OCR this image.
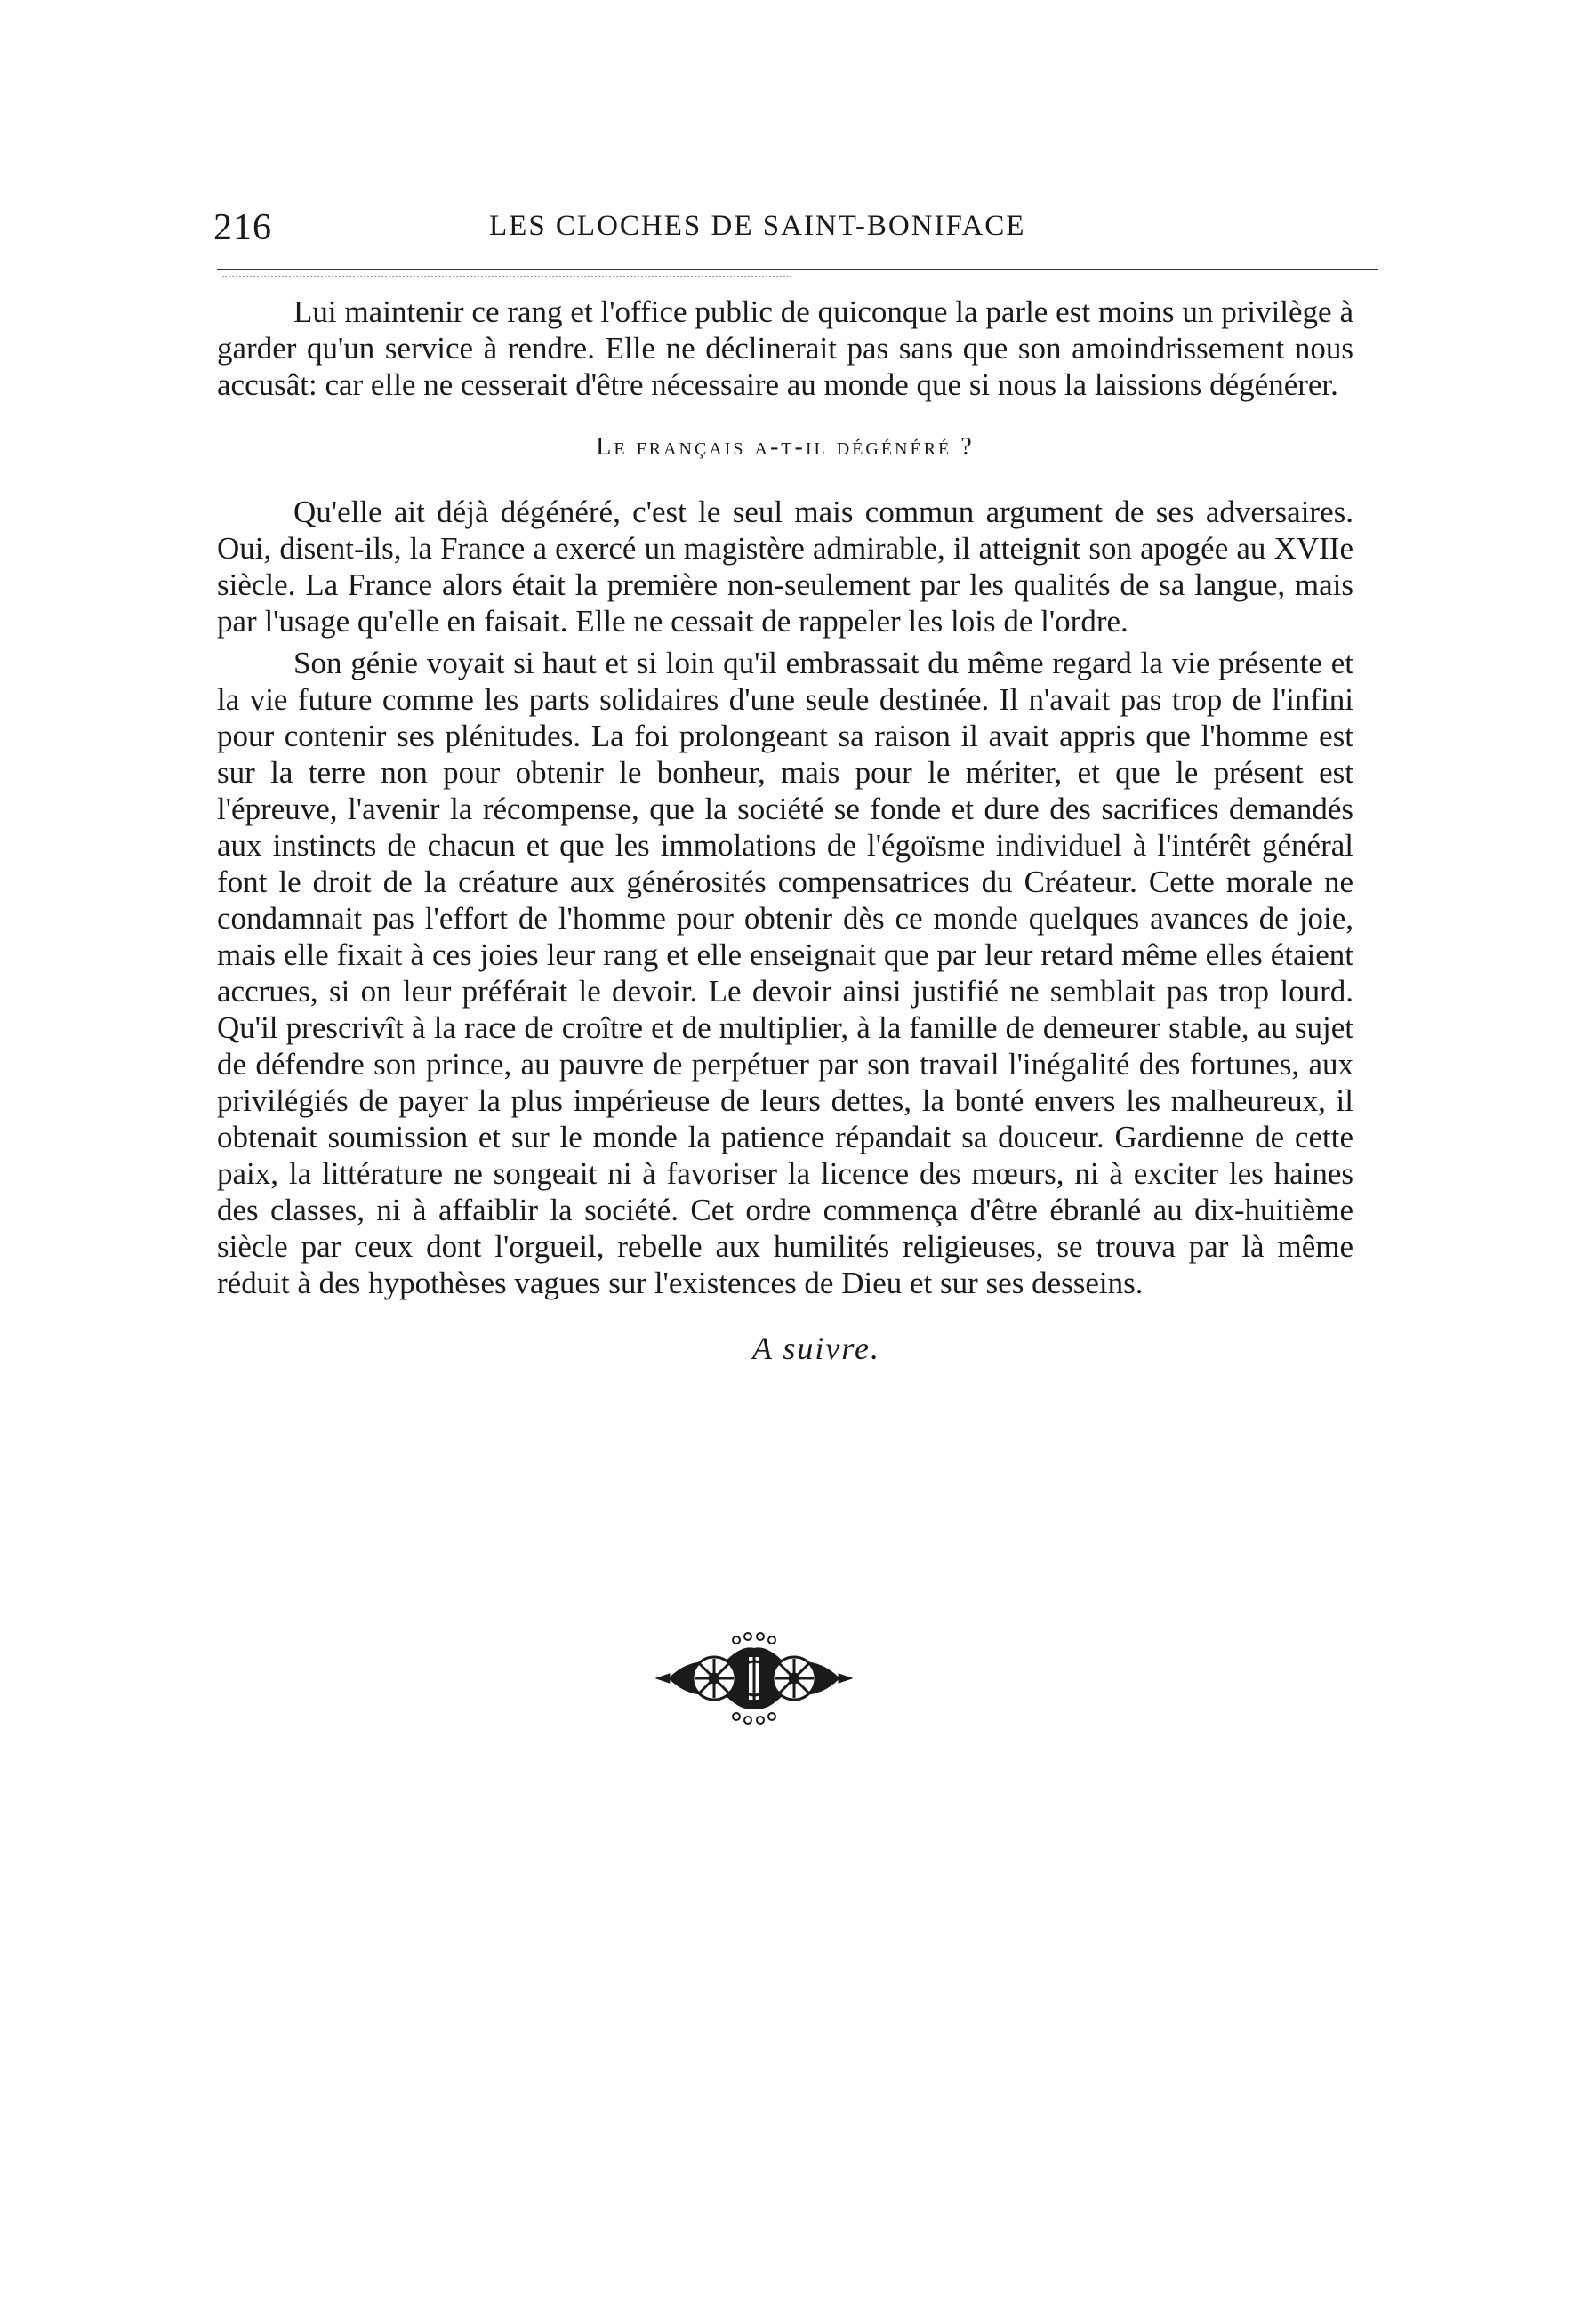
216	LES CLOCHES DE SAINT-BONIFACE

Lui maintenir ce rang et l'office public de quiconque la parle est moins un privilège à garder qu'un service à rendre. Elle ne déclinerait pas sans que son amoindrissement nous accusât: car elle ne cesserait d'être nécessaire au monde que si nous la laissions dégénérer.

Le français a-t-il dégénéré ?

Qu'elle ait déjà dégénéré, c'est le seul mais commun argument de ses adversaires. Oui, disent-ils, la France a exercé un magistère admirable, il atteignit son apogée au XVIIe siècle. La France alors était la première non-seulement par les qualités de sa langue, mais par l'usage qu'elle en faisait. Elle ne cessait de rappeler les lois de l'ordre.

Son génie voyait si haut et si loin qu'il embrassait du même regard la vie présente et la vie future comme les parts solidaires d'une seule destinée. Il n'avait pas trop de l'infini pour contenir ses plénitudes. La foi prolongeant sa raison il avait appris que l'homme est sur la terre non pour obtenir le bonheur, mais pour le mériter, et que le présent est l'épreuve, l'avenir la récompense, que la société se fonde et dure des sacrifices demandés aux instincts de chacun et que les immolations de l'égoïsme individuel à l'intérêt général font le droit de la créature aux générosités compensatrices du Créateur. Cette morale ne condamnait pas l'effort de l'homme pour obtenir dès ce monde quelques avances de joie, mais elle fixait à ces joies leur rang et elle enseignait que par leur retard même elles étaient accrues, si on leur préférait le devoir. Le devoir ainsi justifié ne semblait pas trop lourd. Qu'il prescrivît à la race de croître et de multiplier, à la famille de demeurer stable, au sujet de défendre son prince, au pauvre de perpétuer par son travail l'inégalité des fortunes, aux privilégiés de payer la plus impérieuse de leurs dettes, la bonté envers les malheureux, il obtenait soumission et sur le monde la patience répandait sa douceur. Gardienne de cette paix, la littérature ne songeait ni à favoriser la licence des mœurs, ni à exciter les haines des classes, ni à affaiblir la société. Cet ordre commença d'être ébranlé au dix-huitième siècle par ceux dont l'orgueil, rebelle aux humilités religieuses, se trouva par là même réduit à des hypothèses vagues sur l'existences de Dieu et sur ses desseins.

A suivre.
